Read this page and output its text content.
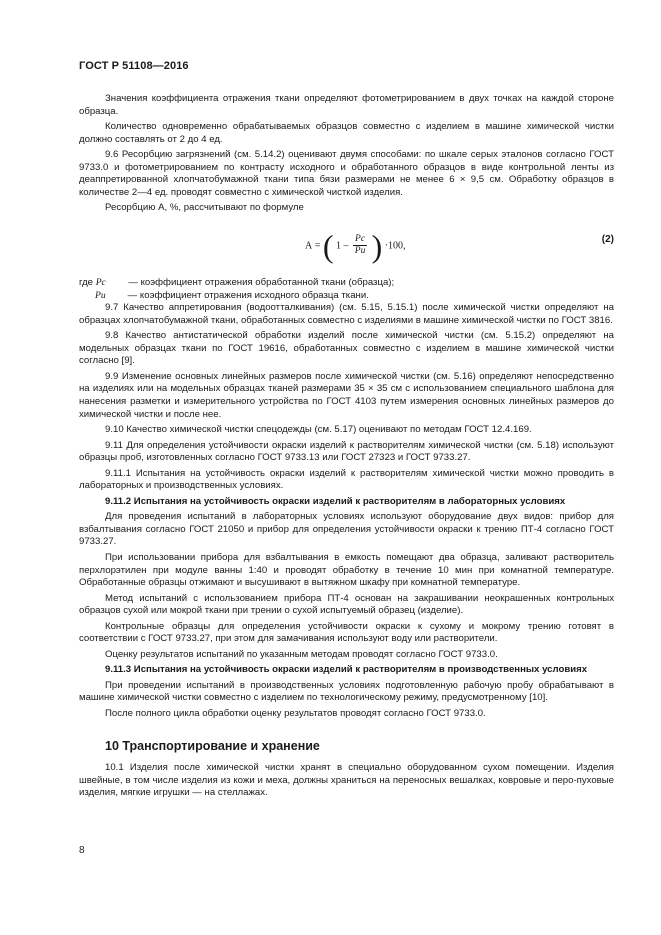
ГОСТ Р 51108—2016

Значения коэффициента отражения ткани определяют фотометрированием в двух точках на каждой стороне образца.

Количество одновременно обрабатываемых образцов совместно с изделием в машине химической чистки должно составлять от 2 до 4 ед.

9.6 Ресорбцию загрязнений (см. 5.14.2) оценивают двумя способами: по шкале серых эталонов согласно ГОСТ 9733.0 и фотометрированием по контрасту исходного и обработанного образцов в виде контрольной ленты из деаппретированной хлопчатобумажной ткани типа бязи размерами не менее 6 × 9,5 см. Обработку образцов в количестве 2—4 ед. проводят совместно с химической чисткой изделия.

Ресорбцию А, %, рассчитывают по формуле

А = ( $1 - \frac{Pc}{Pи}$ ) ·100,
(2)
где Pс — коэффициент отражения обработанной ткани (образца);
Pи — коэффициент отражения исходного образца ткани.

9.7 Качество аппретирования (водоотталкивания) (см. 5.15, 5.15.1) после химической чистки определяют на образцах хлопчатобумажной ткани, обработанных совместно с изделиями в машине химической чистки по ГОСТ 3816.

9.8 Качество антистатической обработки изделий после химической чистки (см. 5.15.2) определяют на модельных образцах ткани по ГОСТ 19616, обработанных совместно с изделием в машине химической чистки согласно [9].

9.9 Изменение основных линейных размеров после химической чистки (см. 5.16) определяют непосредственно на изделиях или на модельных образцах тканей размерами 35 × 35 см с использованием специального шаблона для нанесения разметки и измерительного устройства по ГОСТ 4103 путем измерения основных линейных размеров до химической чистки и после нее.

9.10 Качество химической чистки спецодежды (см. 5.17) оценивают по методам ГОСТ 12.4.169.

9.11 Для определения устойчивости окраски изделий к растворителям химической чистки (см. 5.18) используют образцы проб, изготовленных согласно ГОСТ 9733.13 или ГОСТ 27323 и ГОСТ 9733.27.

9.11.1 Испытания на устойчивость окраски изделий к растворителям химической чистки можно проводить в лабораторных и производственных условиях.

9.11.2 Испытания на устойчивость окраски изделий к растворителям в лабораторных условиях

Для проведения испытаний в лабораторных условиях используют оборудование двух видов: прибор для взбалтывания согласно ГОСТ 21050 и прибор для определения устойчивости окраски к трению ПТ-4 согласно ГОСТ 9733.27.

При использовании прибора для взбалтывания в емкость помещают два образца, заливают растворитель перхлорэтилен при модуле ванны 1:40 и проводят обработку в течение 10 мин при комнатной температуре. Обработанные образцы отжимают и высушивают в вытяжном шкафу при комнатной температуре.

Метод испытаний с использованием прибора ПТ-4 основан на закрашивании неокрашенных контрольных образцов сухой или мокрой ткани при трении о сухой испытуемый образец (изделие).

Контрольные образцы для определения устойчивости окраски к сухому и мокрому трению готовят в соответствии с ГОСТ 9733.27, при этом для замачивания используют воду или растворители.

Оценку результатов испытаний по указанным методам проводят согласно ГОСТ 9733.0.

9.11.3 Испытания на устойчивость окраски изделий к растворителям в производственных условиях

При проведении испытаний в производственных условиях подготовленную рабочую пробу обрабатывают в машине химической чистки совместно с изделием по технологическому режиму, предусмотренному [10].

После полного цикла обработки оценку результатов проводят согласно ГОСТ 9733.0.

10 Транспортирование и хранение

10.1 Изделия после химической чистки хранят в специально оборудованном сухом помещении. Изделия швейные, в том числе изделия из кожи и меха, должны храниться на переносных вешалках, ковровые и перо-пуховые изделия, мягкие игрушки — на стеллажах.

8
